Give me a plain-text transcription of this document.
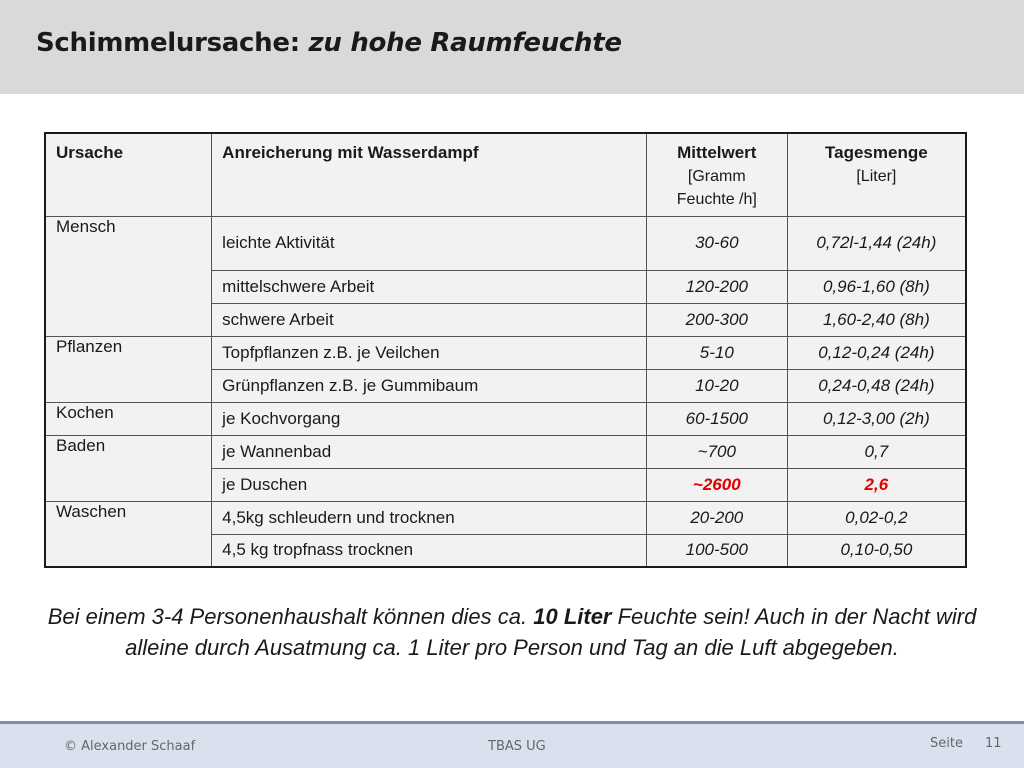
Schimmelursache: zu hohe Raumfeuchte
Ursache	Anreicherung mit Wasserdampf	Mittelwert
[Gramm
Feuchte /h]	Tagesmenge
[Liter]

Mensch	leichte Aktivität	30-60	0,72l-1,44 (24h)
	mittelschwere Arbeit	120-200	0,96-1,60 (8h)
	schwere Arbeit	200-300	1,60-2,40 (8h)
Pflanzen	Topfpflanzen z.B. je Veilchen	5-10	0,12-0,24 (24h)
	Grünpflanzen z.B. je Gummibaum	10-20	0,24-0,48 (24h)
Kochen	je Kochvorgang	60-1500	0,12-3,00 (2h)
Baden	je Wannenbad	~700	0,7
	je Duschen	~2600	2,6
Waschen	4,5kg schleudern und trocknen	20-200	0,02-0,2
	4,5 kg tropfnass trocknen	100-500	0,10-0,50

Bei einem 3-4 Personenhaushalt können dies ca. 10 Liter Feuchte sein! Auch in der Nacht wird alleine durch Ausatmung ca. 1 Liter pro Person und Tag an die Luft abgegeben.

© Alexander Schaaf	TBAS UG	Seite 11
